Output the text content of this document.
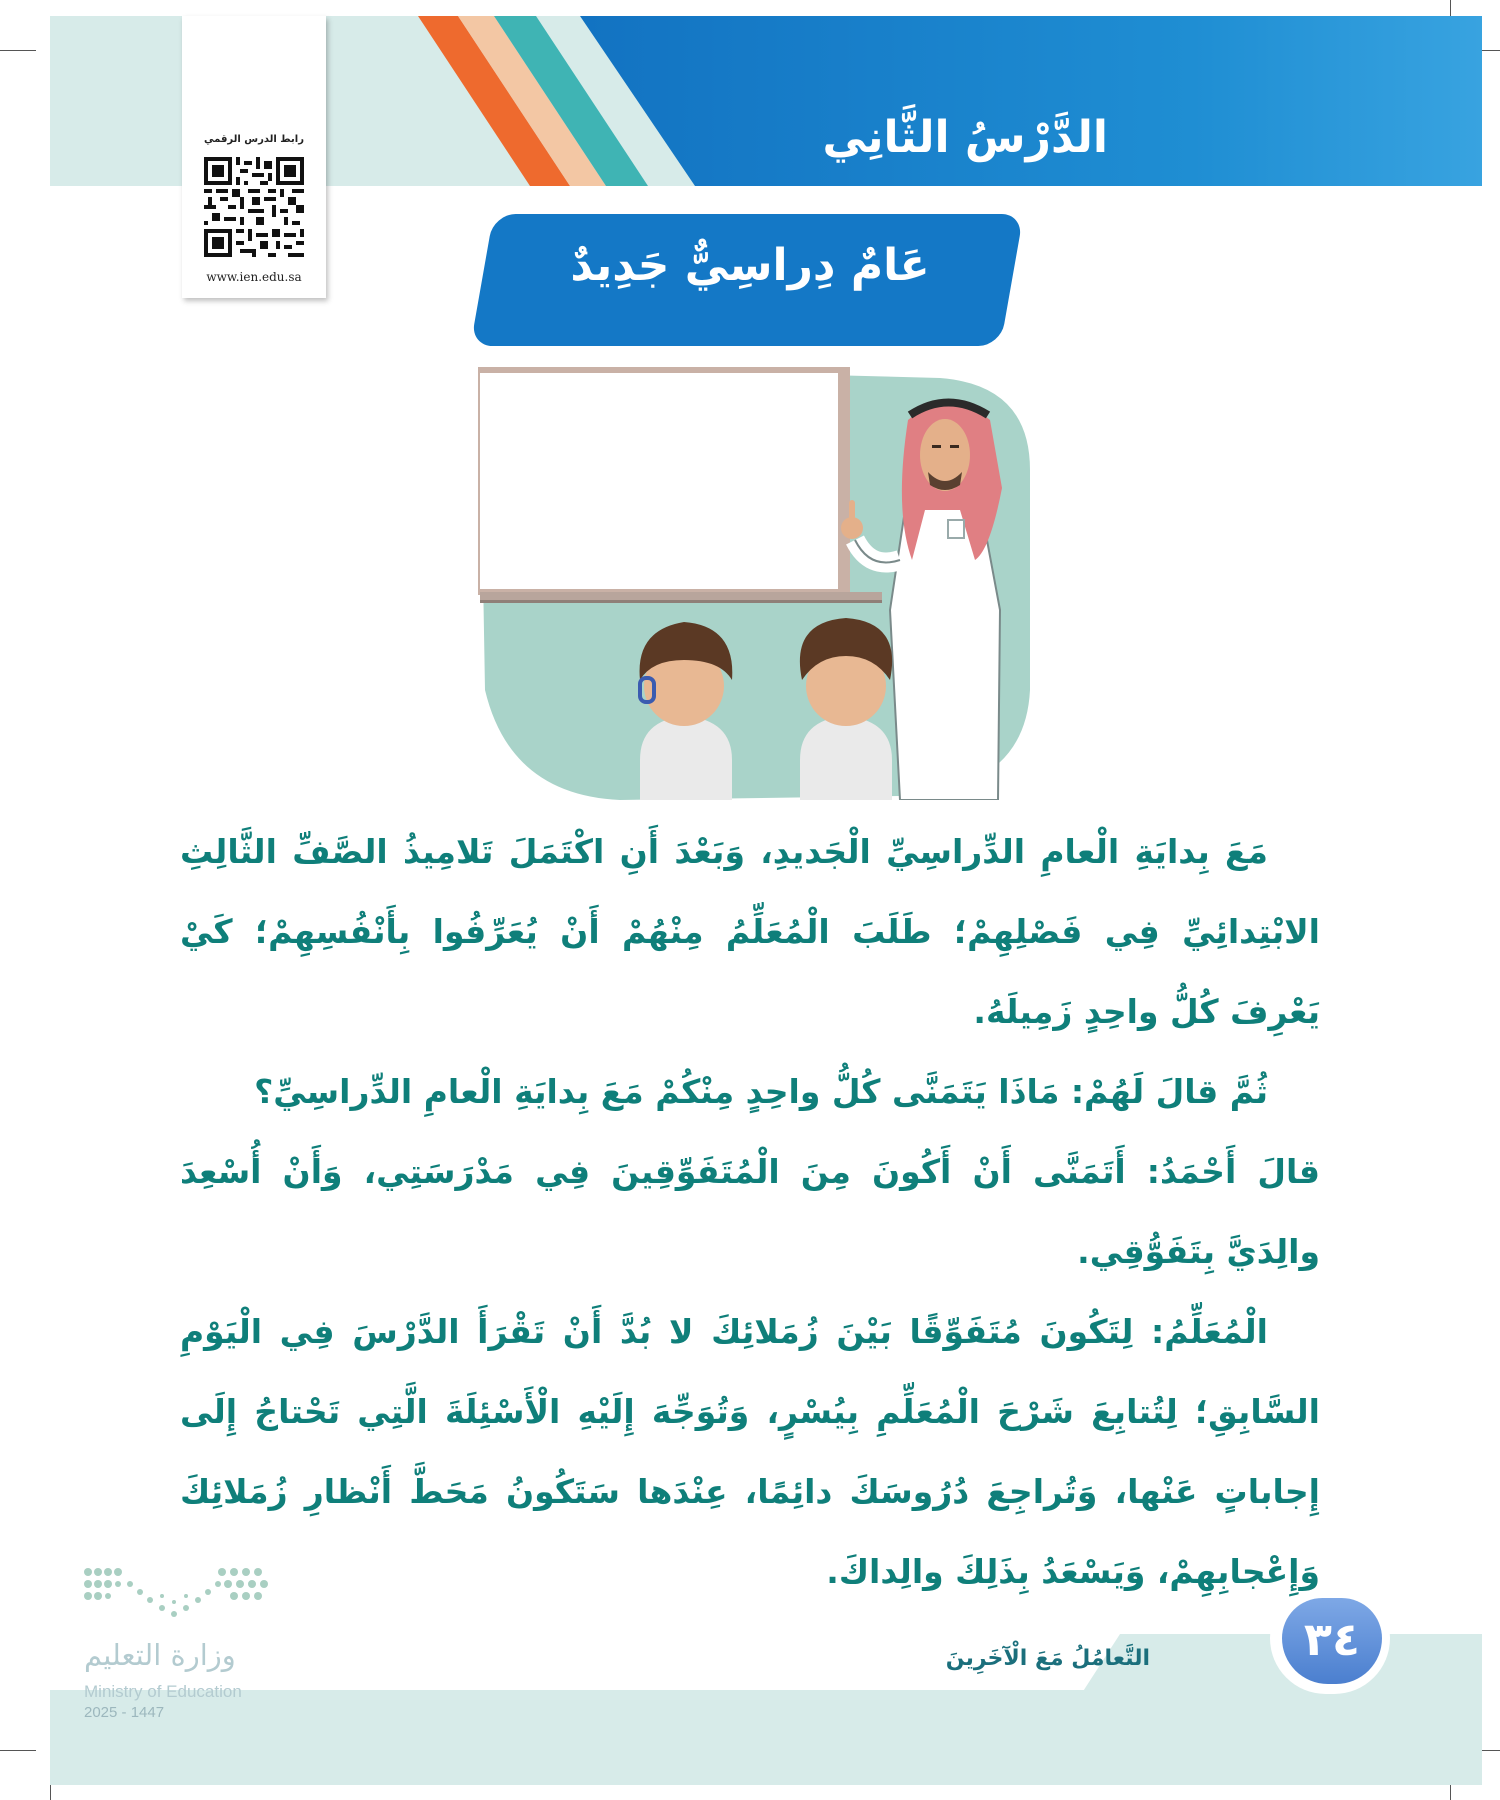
الدَّرْسُ الثَّانِي
رابط الدرس الرقمي
www.ien.edu.sa	عَامٌ دِراسِيٌّ جَدِيدٌ

مَعَ بِدايَةِ الْعامِ الدِّراسِيِّ الْجَديدِ، وَبَعْدَ أَنِ اكْتَمَلَ تَلامِيذُ الصَّفِّ الثَّالِثِ الابْتِدائِيِّ فِي فَصْلِهِمْ؛ طَلَبَ الْمُعَلِّمُ مِنْهُمْ أَنْ يُعَرِّفُوا بِأَنْفُسِهِمْ؛ كَيْ يَعْرِفَ كُلُّ واحِدٍ زَمِيلَهُ.

ثُمَّ قالَ لَهُمْ: مَاذَا يَتَمَنَّى كُلُّ واحِدٍ مِنْكُمْ مَعَ بِدايَةِ الْعامِ الدِّراسِيِّ؟

قالَ أَحْمَدُ: أَتَمَنَّى أَنْ أَكُونَ مِنَ الْمُتَفَوِّقِينَ فِي مَدْرَسَتِي، وَأَنْ أُسْعِدَ والِدَيَّ بِتَفَوُّقِي.

الْمُعَلِّمُ: لِتَكُونَ مُتَفَوِّقًا بَيْنَ زُمَلائِكَ لا بُدَّ أَنْ تَقْرَأَ الدَّرْسَ فِي الْيَوْمِ السَّابِقِ؛ لِتُتابِعَ شَرْحَ الْمُعَلِّمِ بِيُسْرٍ، وَتُوَجِّهَ إِلَيْهِ الْأَسْئِلَةَ الَّتِي تَحْتاجُ إِلَى إِجاباتٍ عَنْها، وَتُراجِعَ دُرُوسَكَ دائِمًا، عِنْدَها سَتَكُونُ مَحَطَّ أَنْظارِ زُمَلائِكَ وَإِعْجابِهِمْ، وَيَسْعَدُ بِذَلِكَ والِداكَ.

التَّعامُلُ مَعَ الْآخَرِينَ	٣٤
وزارة التعليم
Ministry of Education
2025 - 1447
